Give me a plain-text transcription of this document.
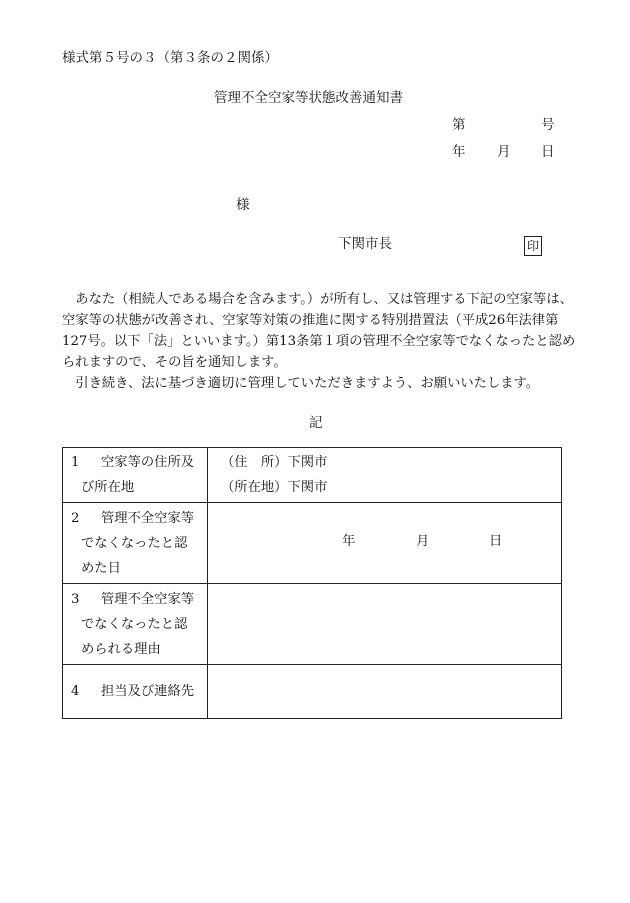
様式第５号の３（第３条の２関係）
管理不全空家等状態改善通知書
第	号
年 月 日
様
下関市長	印

あなた（相続人である場合を含みます。）が所有し、又は管理する下記の空家等は、空家等の状態が改善され、空家等対策の推進に関する特別措置法（平成26年法律第127号。以下「法」といいます。）第13条第１項の管理不全空家等でなくなったと認められますので、その旨を通知します。

引き続き、法に基づき適切に管理していただきますよう、お願いいたします。

記
1 空家等の住所及
び所在地	（住　所）下関市
（所在地）下関市

2 管理不全空家等
でなくなったと認
めた日	年 月 日

3 管理不全空家等
でなくなったと認
められる理由	

4 担当及び連絡先	
